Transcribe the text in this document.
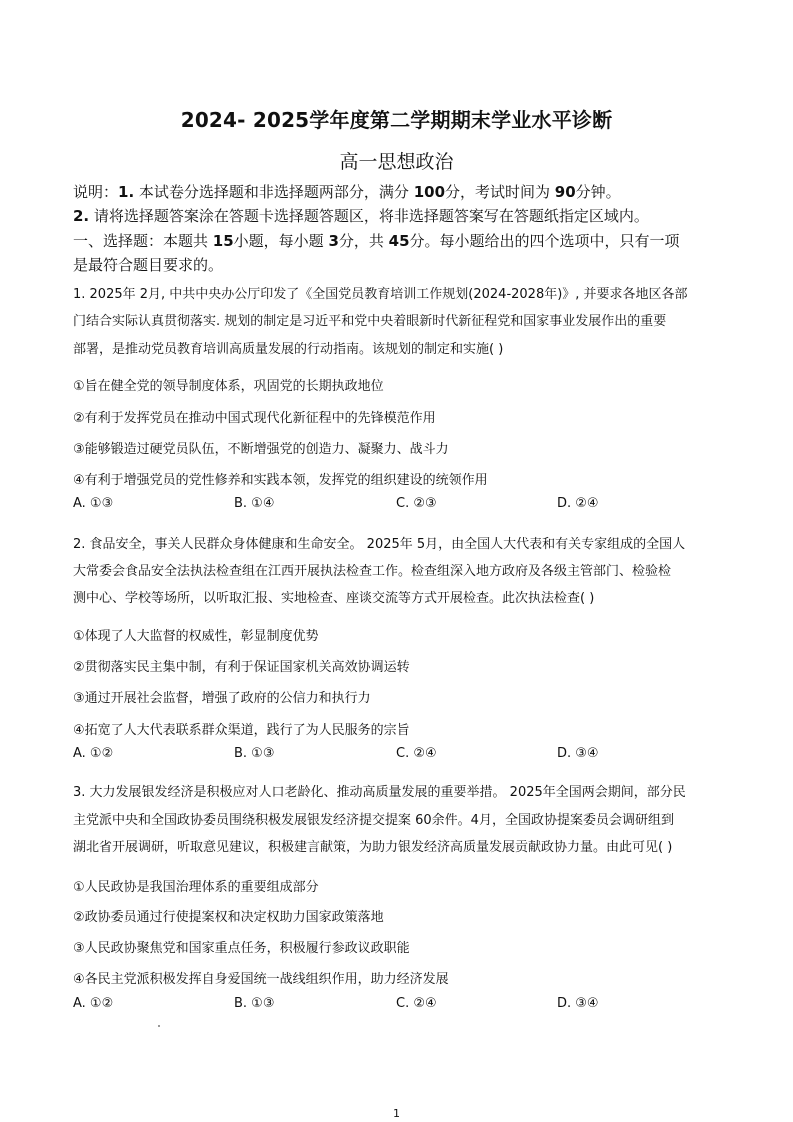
2024- 2025学年度第二学期期末学业水平诊断
高一思想政治
说明：1. 本试卷分选择题和非选择题两部分，满分 100分，考试时间为 90分钟。
2. 请将选择题答案涂在答题卡选择题答题区，将非选择题答案写在答题纸指定区域内。
一、选择题：本题共 15小题，每小题 3分，共 45分。每小题给出的四个选项中，只有一项
是最符合题目要求的。
1. 2025年 2月, 中共中央办公厅印发了《全国党员教育培训工作规划(2024-2028年)》, 并要求各地区各部
门结合实际认真贯彻落实. 规划的制定是习近平和党中央着眼新时代新征程党和国家事业发展作出的重要
部署，是推动党员教育培训高质量发展的行动指南。该规划的制定和实施( )
①旨在健全党的领导制度体系，巩固党的长期执政地位
②有利于发挥党员在推动中国式现代化新征程中的先锋模范作用
③能够锻造过硬党员队伍，不断增强党的创造力、凝聚力、战斗力
④有利于增强党员的党性修养和实践本领，发挥党的组织建设的统领作用
A. ①③	B. ①④	C. ②③	D. ②④
2. 食品安全，事关人民群众身体健康和生命安全。 2025年 5月，由全国人大代表和有关专家组成的全国人
大常委会食品安全法执法检查组在江西开展执法检查工作。检查组深入地方政府及各级主管部门、检验检
测中心、学校等场所，以听取汇报、实地检查、座谈交流等方式开展检查。此次执法检查( )
①体现了人大监督的权威性，彰显制度优势
②贯彻落实民主集中制，有利于保证国家机关高效协调运转
③通过开展社会监督，增强了政府的公信力和执行力
④拓宽了人大代表联系群众渠道，践行了为人民服务的宗旨
A. ①②	B. ①③	C. ②④	D. ③④
3. 大力发展银发经济是积极应对人口老龄化、推动高质量发展的重要举措。 2025年全国两会期间，部分民
主党派中央和全国政协委员围绕积极发展银发经济提交提案 60余件。4月，全国政协提案委员会调研组到
湖北省开展调研，听取意见建议，积极建言献策，为助力银发经济高质量发展贡献政协力量。由此可见( )
①人民政协是我国治理体系的重要组成部分
②政协委员通过行使提案权和决定权助力国家政策落地
③人民政协聚焦党和国家重点任务，积极履行参政议政职能
④各民主党派积极发挥自身爱国统一战线组织作用，助力经济发展
A. ①②	B. ①③	C. ②④	D. ③④
1
